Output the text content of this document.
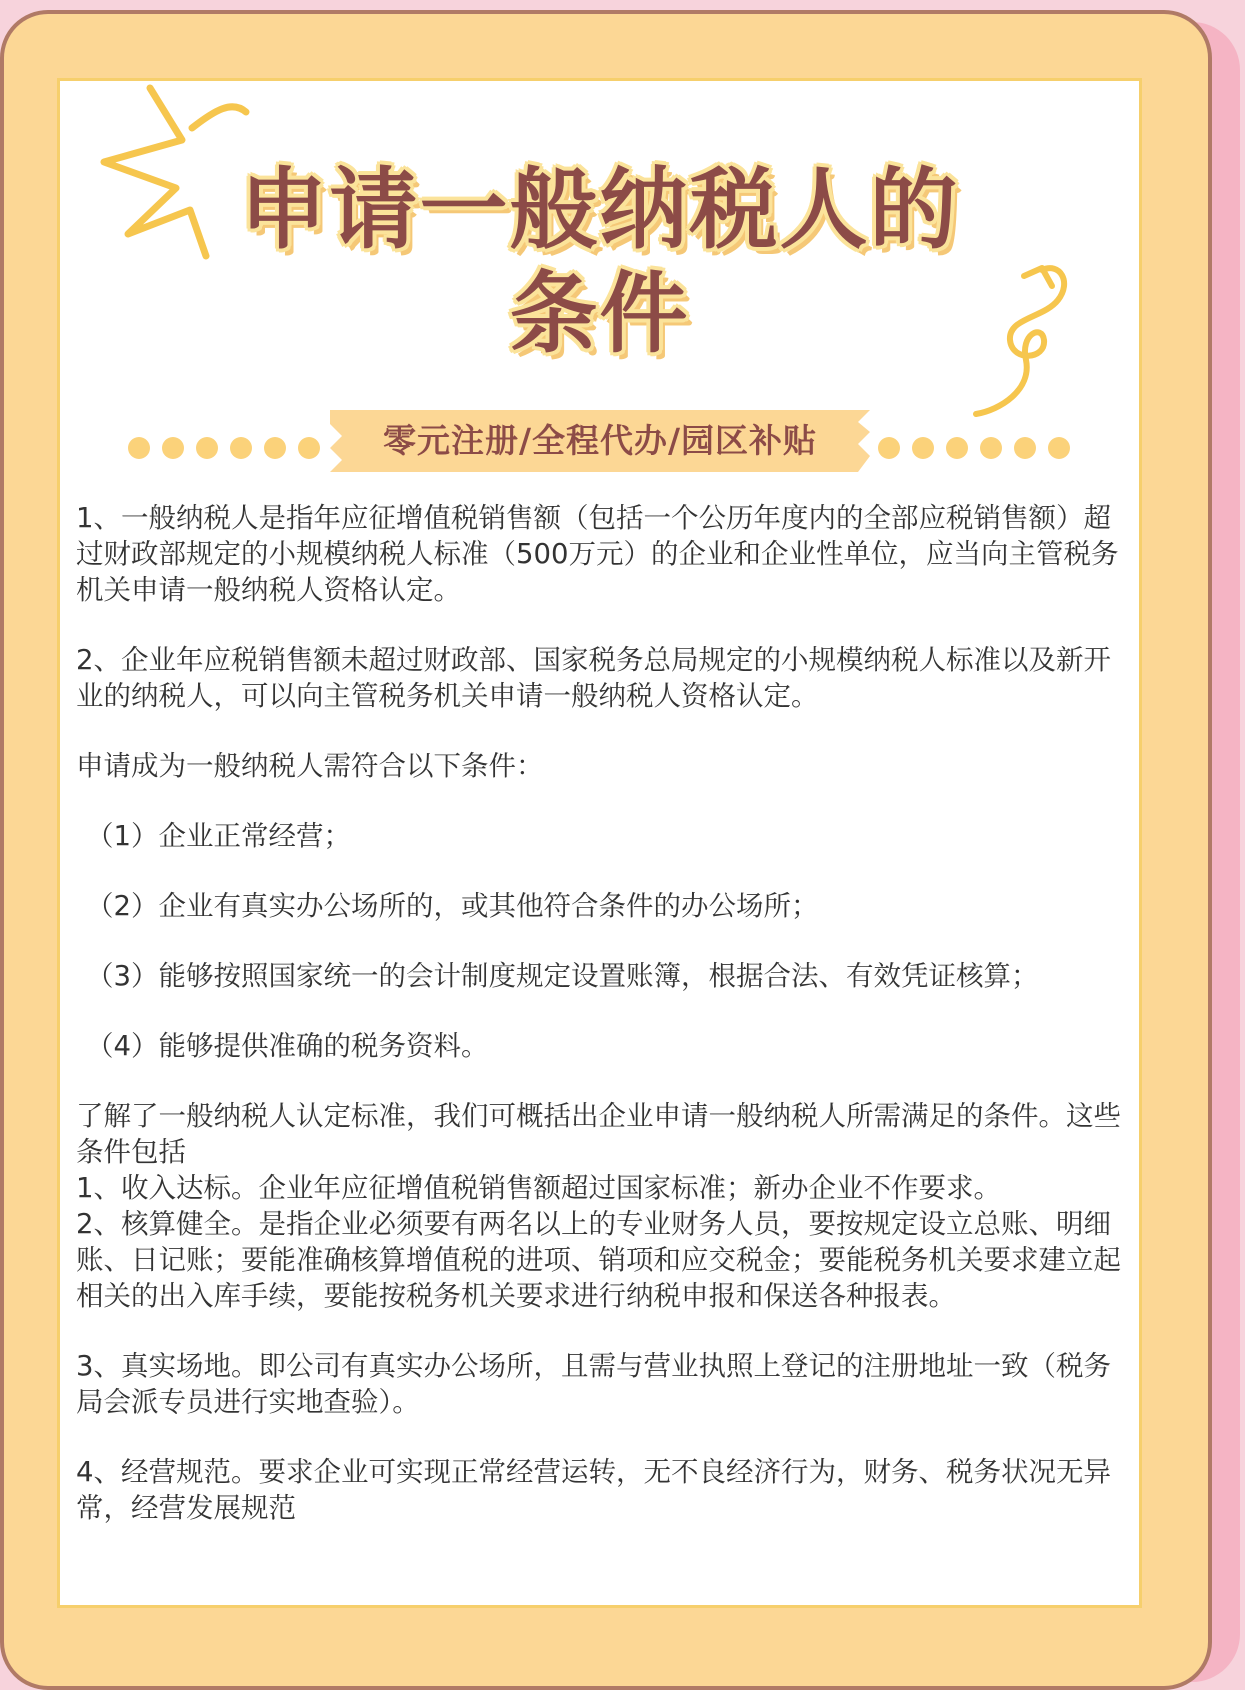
申请一般纳税人的
条件
零元注册/全程代办/园区补贴

1、一般纳税人是指年应征增值税销售额（包括一个公历年度内的全部应税销售额）超过财政部规定的小规模纳税人标准（500万元）的企业和企业性单位，应当向主管税务机关申请一般纳税人资格认定。

2、企业年应税销售额未超过财政部、国家税务总局规定的小规模纳税人标准以及新开业的纳税人，可以向主管税务机关申请一般纳税人资格认定。

申请成为一般纳税人需符合以下条件：

（1）企业正常经营；

（2）企业有真实办公场所的，或其他符合条件的办公场所；

（3）能够按照国家统一的会计制度规定设置账簿，根据合法、有效凭证核算；

（4）能够提供准确的税务资料。

了解了一般纳税人认定标准，我们可概括出企业申请一般纳税人所需满足的条件。这些条件包括

1、收入达标。企业年应征增值税销售额超过国家标准；新办企业不作要求。

2、核算健全。是指企业必须要有两名以上的专业财务人员，要按规定设立总账、明细账、日记账；要能准确核算增值税的进项、销项和应交税金；要能税务机关要求建立起相关的出入库手续，要能按税务机关要求进行纳税申报和保送各种报表。

3、真实场地。即公司有真实办公场所，且需与营业执照上登记的注册地址一致（税务局会派专员进行实地查验）。

4、经营规范。要求企业可实现正常经营运转，无不良经济行为，财务、税务状况无异常，经营发展规范
